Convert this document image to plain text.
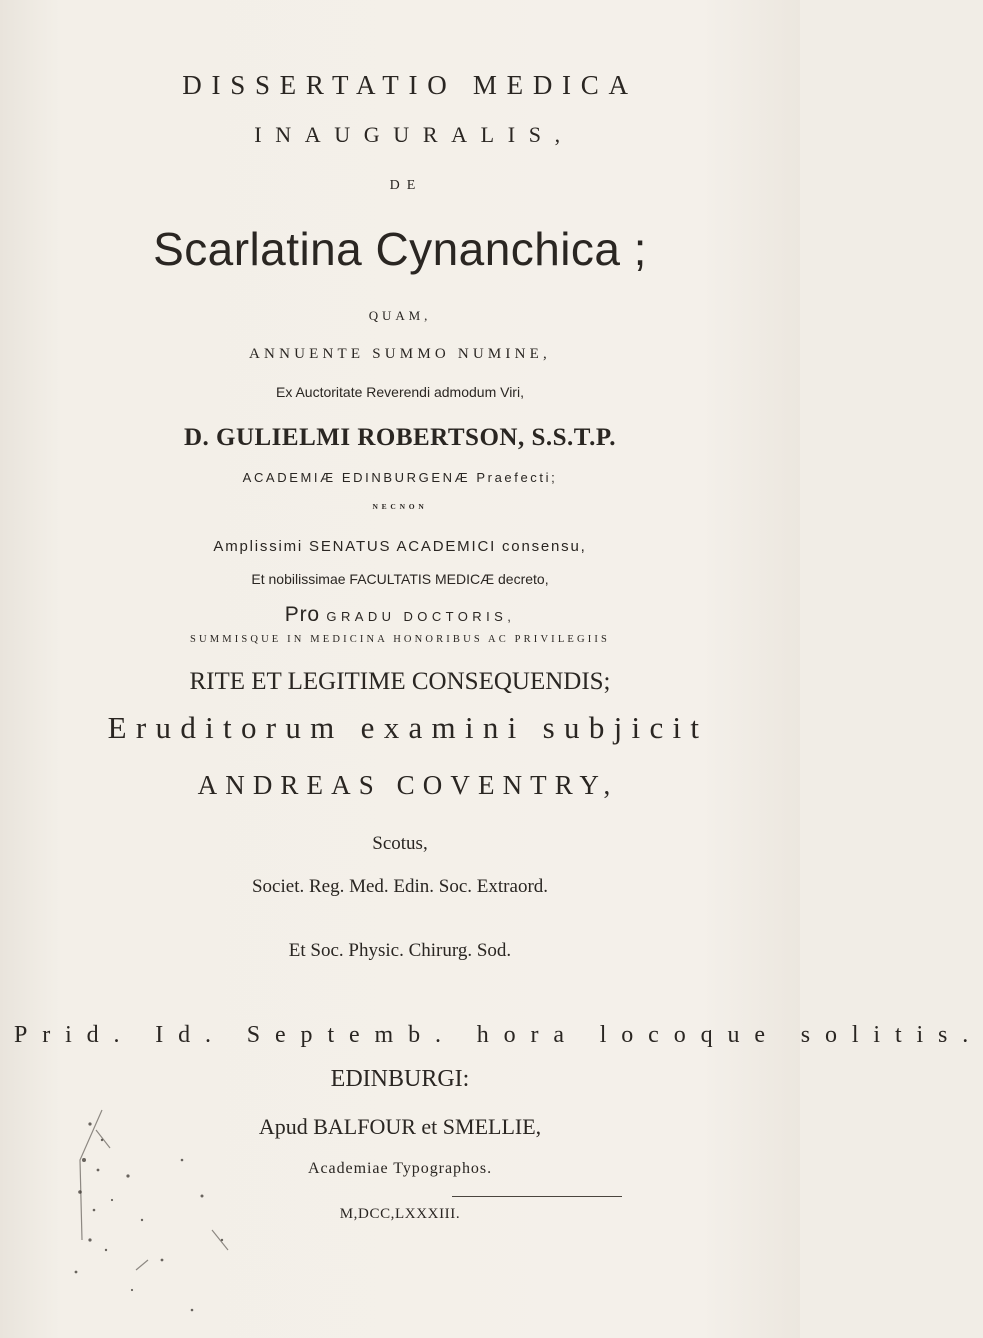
DISSERTATIO MEDICA
INAUGURALIS,
DE
Scarlatina Cynanchica ;
QUAM,
ANNUENTE SUMMO NUMINE,
Ex Auctoritate Reverendi admodum Viri,
D. GULIELMI ROBERTSON, S.S.T.P.
ACADEMIÆ EDINBURGENÆ Praefecti;
NECNON
Amplissimi SENATUS ACADEMICI consensu,
Et nobilissimae FACULTATIS MEDICÆ decreto,
Pro GRADU DOCTORIS,
SUMMISQUE IN MEDICINA HONORIBUS AC PRIVILEGIIS
RITE ET LEGITIME CONSEQUENDIS;
Eruditorum examini subjicit
ANDREAS COVENTRY,
Scotus,
Societ. Reg. Med. Edin. Soc. Extraord.
Et Soc. Physic. Chirurg. Sod.
Prid. Id. Septemb. hora locoque solitis.
EDINBURGI:
Apud BALFOUR et SMELLIE,
Academiae Typographos.
M,DCC,LXXXIII.
